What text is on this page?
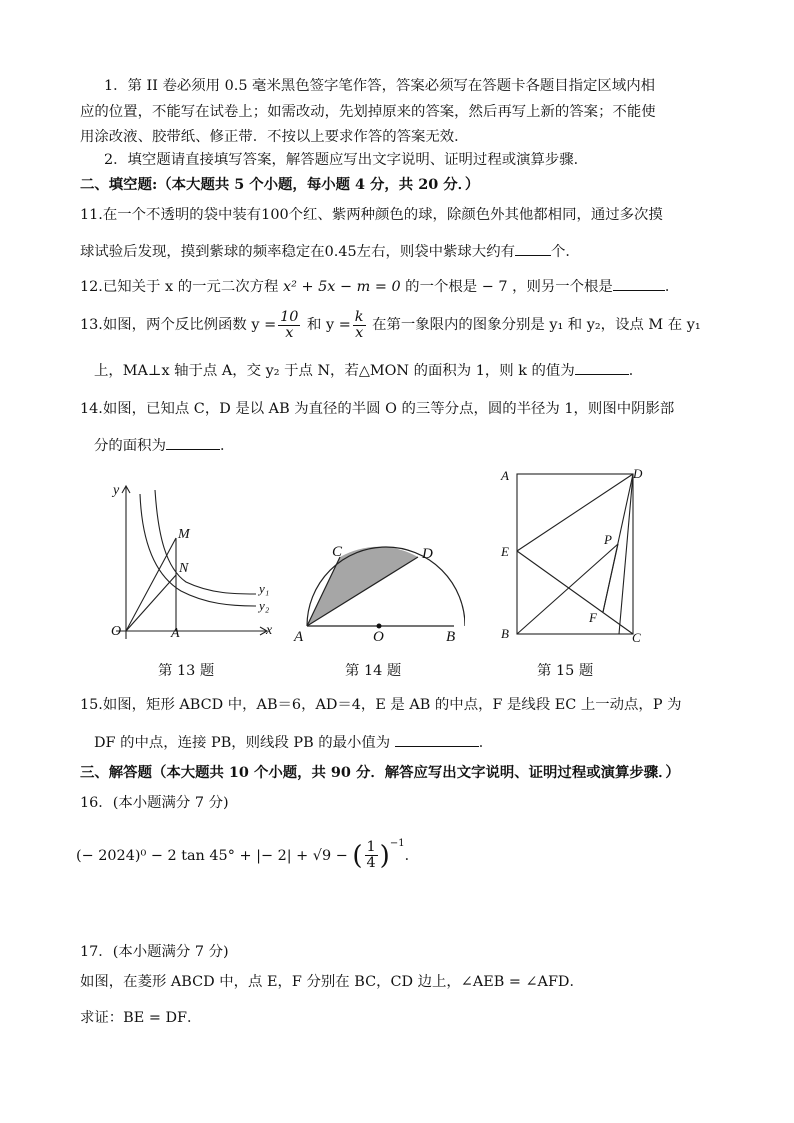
1．第 II 卷必须用 0.5 毫米黑色签字笔作答，答案必须写在答题卡各题目指定区域内相
应的位置，不能写在试卷上；如需改动，先划掉原来的答案，然后再写上新的答案；不能使
用涂改液、胶带纸、修正带．不按以上要求作答的答案无效．
2．填空题请直接填写答案，解答题应写出文字说明、证明过程或演算步骤．
二、填空题:（本大题共 5 个小题，每小题 4 分，共 20 分．）
11.在一个不透明的袋中装有100个红、紫两种颜色的球，除颜色外其他都相同，通过多次摸
球试验后发现，摸到紫球的频率稳定在0.45左右，则袋中紫球大约有	个．
12.已知关于 x 的一元二次方程 x² + 5x − m = 0 的一个根是 − 7 ，则另一个根是	．
13.如图，两个反比例函数 $y = \frac{10}{x}$ 和 $y = \frac{k}{x}$ 在第一象限内的图象分别是 y₁ 和 y₂，设点 M 在 y₁
上，MA⊥x 轴于点 A，交 y₂ 于点 N，若△MON 的面积为 1，则 k 的值为	．
14.如图，已知点 C，D 是以 AB 为直径的半圆 O 的三等分点，圆的半径为 1，则图中阴影部
分的面积为	．
y
x
O	A
M
N
y₁
y₂
第 13 题
A	O	B
C	D
第 14 题
A	D
E
P
F
B	C
第 15 题
15.如图，矩形 ABCD 中，AB＝6，AD＝4，E 是 AB 的中点，F 是线段 EC 上一动点，P 为
DF 的中点，连接 PB，则线段 PB 的最小值为	．
三、解答题（本大题共 10 个小题，共 90 分．解答应写出文字说明、证明过程或演算步骤．）
16．(本小题满分 7 分)
(− 2024)⁰ − 2 tan 45° + |− 2| + √9 − ( $\frac{1}{4} )^{-1}$．
17．(本小题满分 7 分)
如图，在菱形 ABCD 中，点 E，F 分别在 BC，CD 边上，∠AEB = ∠AFD．
求证：BE = DF．
